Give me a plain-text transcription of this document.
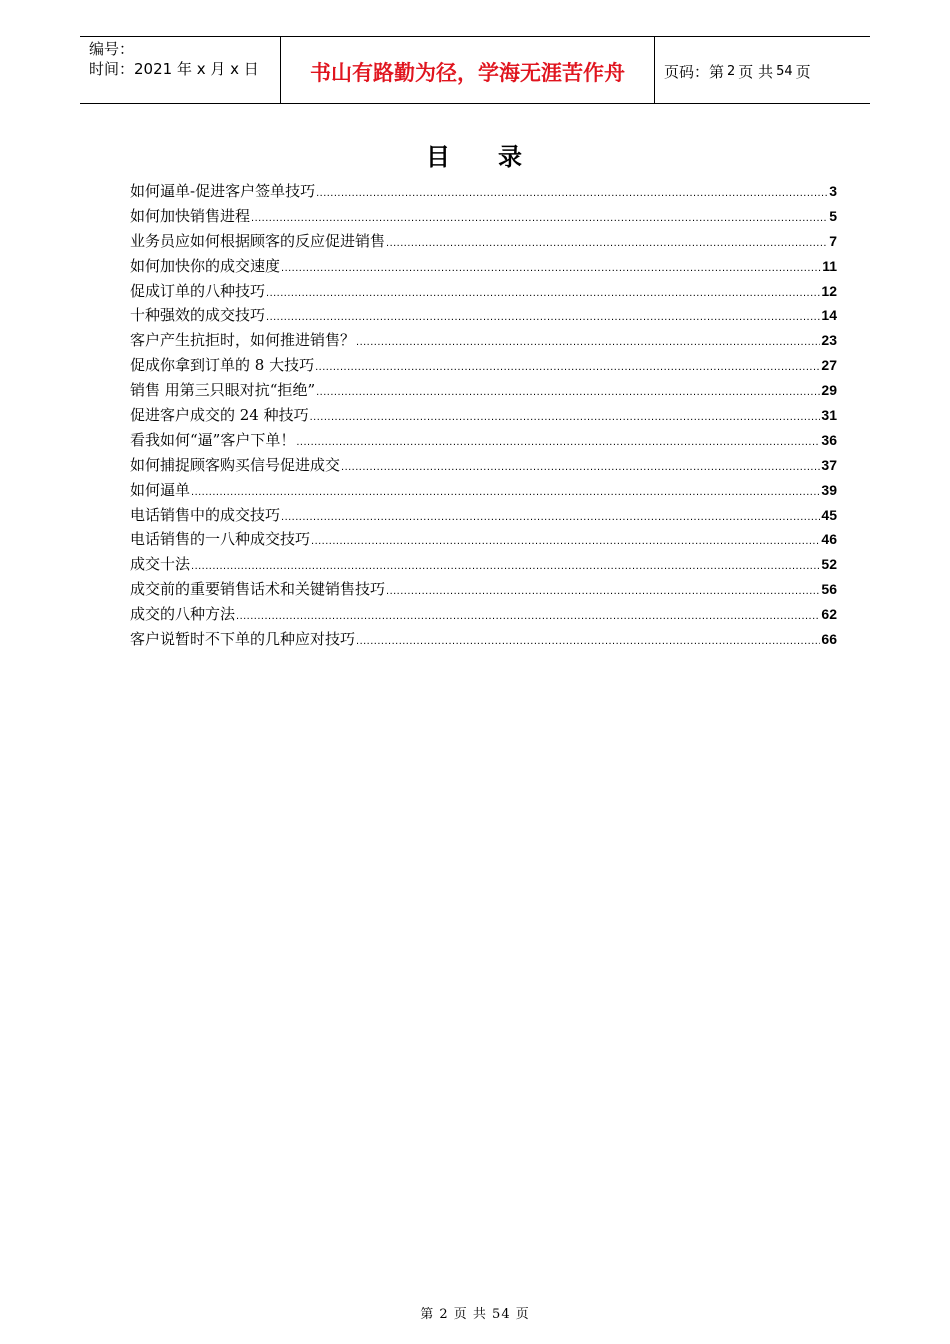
编号：
时间：2021 年 x 月 x 日	书山有路勤为径，学海无涯苦作舟	页码：第 2 页 共 54 页
目 录
如何逼单-促进客户签单技巧 .....	3
如何加快销售进程 .....	5
业务员应如何根据顾客的反应促进销售 .....	7
如何加快你的成交速度 .....	11
促成订单的八种技巧 .....	12
十种强效的成交技巧 .....	14
客户产生抗拒时，如何推进销售？ .....	23
促成你拿到订单的 8 大技巧 .....	27
销售 用第三只眼对抗“拒绝” .....	29
促进客户成交的 24 种技巧 .....	31
看我如何“逼”客户下单！ .....	36
如何捕捉顾客购买信号促进成交 .....	37
如何逼单 .....	39
电话销售中的成交技巧 .....	45
电话销售的一八种成交技巧 .....	46
成交十法 .....	52
成交前的重要销售话术和关键销售技巧 .....	56
成交的八种方法 .....	62
客户说暂时不下单的几种应对技巧 .....	66
第 2 页 共 54 页
